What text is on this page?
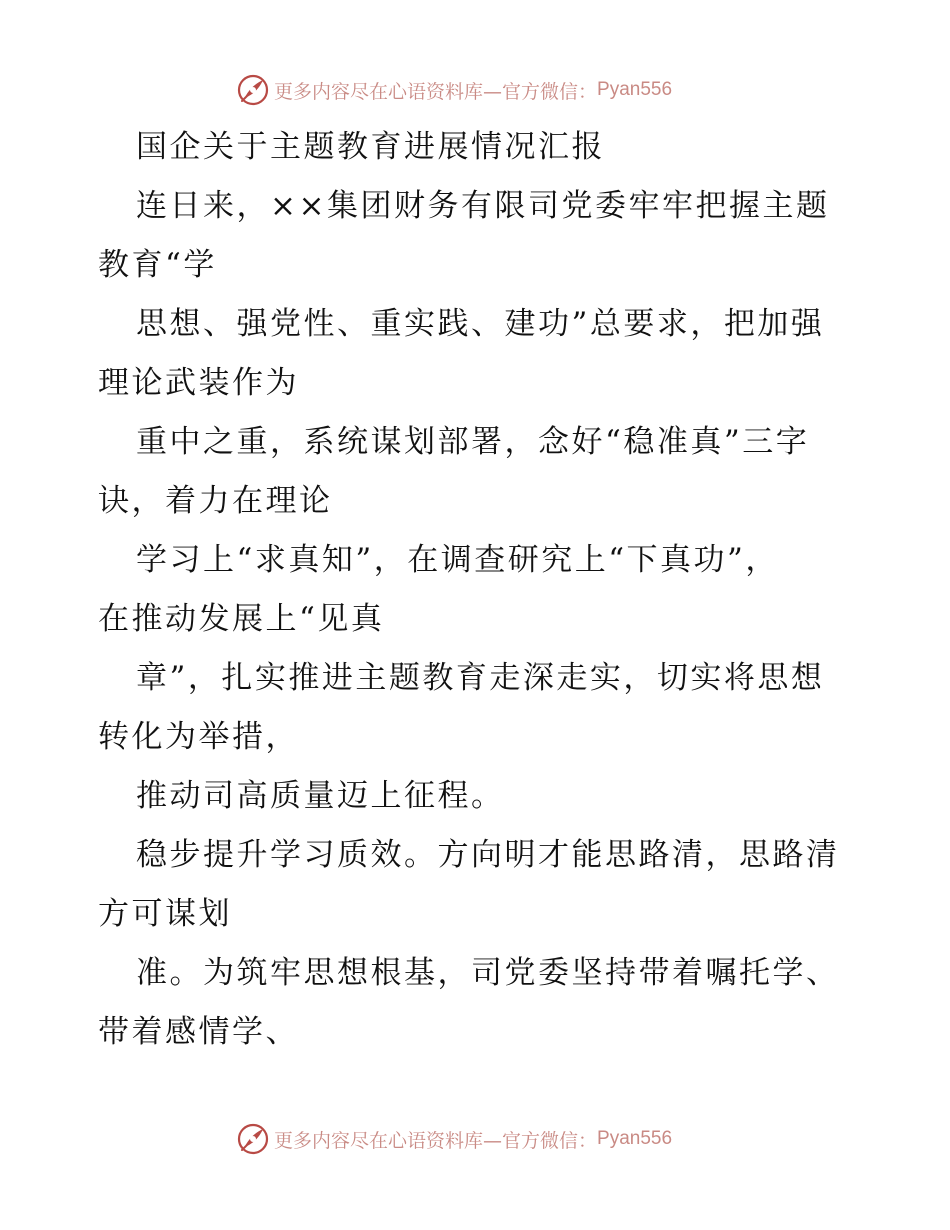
更多内容尽在心语资料库—官方微信： Pyan556
国企关于主题教育进展情况汇报
连日来，××集团财务有限司党委牢牢把握主题
教育“学
思想、强党性、重实践、建功”总要求，把加强
理论武装作为
重中之重，系统谋划部署，念好“稳准真”三字
诀，着力在理论
学习上“求真知”，在调查研究上“下真功”，
在推动发展上“见真
章”，扎实推进主题教育走深走实，切实将思想
转化为举措，
推动司高质量迈上征程。
稳步提升学习质效。方向明才能思路清，思路清
方可谋划
准。为筑牢思想根基，司党委坚持带着嘱托学、
带着感情学、
更多内容尽在心语资料库—官方微信： Pyan556
